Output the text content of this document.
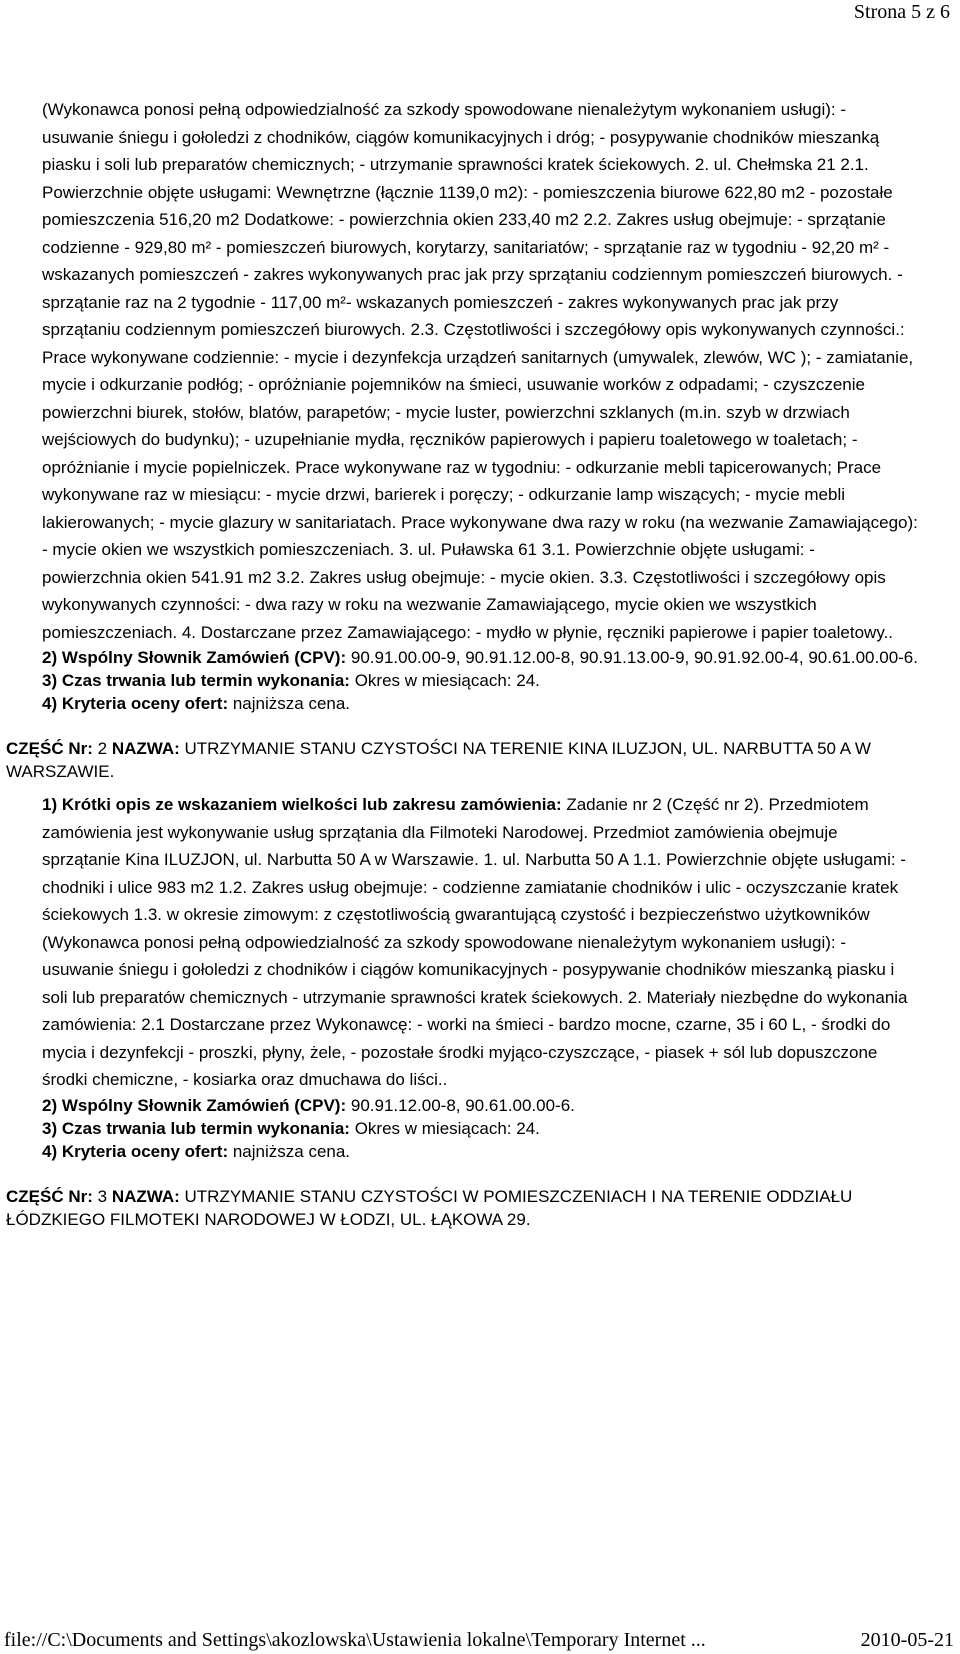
Strona 5 z 6

(Wykonawca ponosi pełną odpowiedzialność za szkody spowodowane nienależytym wykonaniem usługi): - usuwanie śniegu i gołoledzi z chodników, ciągów komunikacyjnych i dróg; - posypywanie chodników mieszanką piasku i soli lub preparatów chemicznych; - utrzymanie sprawności kratek ściekowych. 2. ul. Chełmska 21 2.1. Powierzchnie objęte usługami: Wewnętrzne (łącznie 1139,0 m2): - pomieszczenia biurowe 622,80 m2 - pozostałe pomieszczenia 516,20 m2 Dodatkowe: - powierzchnia okien 233,40 m2 2.2. Zakres usług obejmuje: - sprzątanie codzienne - 929,80 m² - pomieszczeń biurowych, korytarzy, sanitariatów; - sprzątanie raz w tygodniu - 92,20 m² - wskazanych pomieszczeń - zakres wykonywanych prac jak przy sprzątaniu codziennym pomieszczeń biurowych. - sprzątanie raz na 2 tygodnie - 117,00 m²- wskazanych pomieszczeń - zakres wykonywanych prac jak przy sprzątaniu codziennym pomieszczeń biurowych. 2.3. Częstotliwości i szczegółowy opis wykonywanych czynności.: Prace wykonywane codziennie: - mycie i dezynfekcja urządzeń sanitarnych (umywalek, zlewów, WC ); - zamiatanie, mycie i odkurzanie podłóg; - opróżnianie pojemników na śmieci, usuwanie worków z odpadami; - czyszczenie powierzchni biurek, stołów, blatów, parapetów; - mycie luster, powierzchni szklanych (m.in. szyb w drzwiach wejściowych do budynku); - uzupełnianie mydła, ręczników papierowych i papieru toaletowego w toaletach; - opróżnianie i mycie popielniczek. Prace wykonywane raz w tygodniu: - odkurzanie mebli tapicerowanych; Prace wykonywane raz w miesiącu: - mycie drzwi, barierek i poręczy; - odkurzanie lamp wiszących; - mycie mebli lakierowanych; - mycie glazury w sanitariatach. Prace wykonywane dwa razy w roku (na wezwanie Zamawiającego): - mycie okien we wszystkich pomieszczeniach. 3. ul. Puławska 61 3.1. Powierzchnie objęte usługami: - powierzchnia okien 541.91 m2 3.2. Zakres usług obejmuje: - mycie okien. 3.3. Częstotliwości i szczegółowy opis wykonywanych czynności: - dwa razy w roku na wezwanie Zamawiającego, mycie okien we wszystkich pomieszczeniach. 4. Dostarczane przez Zamawiającego: - mydło w płynie, ręczniki papierowe i papier toaletowy..

2) Wspólny Słownik Zamówień (CPV): 90.91.00.00-9, 90.91.12.00-8, 90.91.13.00-9, 90.91.92.00-4, 90.61.00.00-6.

3) Czas trwania lub termin wykonania: Okres w miesiącach: 24.

4) Kryteria oceny ofert: najniższa cena.

CZĘŚĆ Nr: 2 NAZWA: UTRZYMANIE STANU CZYSTOŚCI NA TERENIE KINA ILUZJON, UL. NARBUTTA 50 A W WARSZAWIE.

1) Krótki opis ze wskazaniem wielkości lub zakresu zamówienia: Zadanie nr 2 (Część nr 2). Przedmiotem zamówienia jest wykonywanie usług sprzątania dla Filmoteki Narodowej. Przedmiot zamówienia obejmuje sprzątanie Kina ILUZJON, ul. Narbutta 50 A w Warszawie. 1. ul. Narbutta 50 A 1.1. Powierzchnie objęte usługami: - chodniki i ulice 983 m2 1.2. Zakres usług obejmuje: - codzienne zamiatanie chodników i ulic - oczyszczanie kratek ściekowych 1.3. w okresie zimowym: z częstotliwością gwarantującą czystość i bezpieczeństwo użytkowników (Wykonawca ponosi pełną odpowiedzialność za szkody spowodowane nienależytym wykonaniem usługi): - usuwanie śniegu i gołoledzi z chodników i ciągów komunikacyjnych - posypywanie chodników mieszanką piasku i soli lub preparatów chemicznych - utrzymanie sprawności kratek ściekowych. 2. Materiały niezbędne do wykonania zamówienia: 2.1 Dostarczane przez Wykonawcę: - worki na śmieci - bardzo mocne, czarne, 35 i 60 L, - środki do mycia i dezynfekcji - proszki, płyny, żele, - pozostałe środki myjąco-czyszczące, - piasek + sól lub dopuszczone środki chemiczne, - kosiarka oraz dmuchawa do liści..

2) Wspólny Słownik Zamówień (CPV): 90.91.12.00-8, 90.61.00.00-6.

3) Czas trwania lub termin wykonania: Okres w miesiącach: 24.

4) Kryteria oceny ofert: najniższa cena.

CZĘŚĆ Nr: 3 NAZWA: UTRZYMANIE STANU CZYSTOŚCI W POMIESZCZENIACH I NA TERENIE ODDZIAŁU ŁÓDZKIEGO FILMOTEKI NARODOWEJ W ŁODZI, UL. ŁĄKOWA 29.

file://C:\Documents and Settings\akozlowska\Ustawienia lokalne\Temporary Internet ...	2010-05-21
